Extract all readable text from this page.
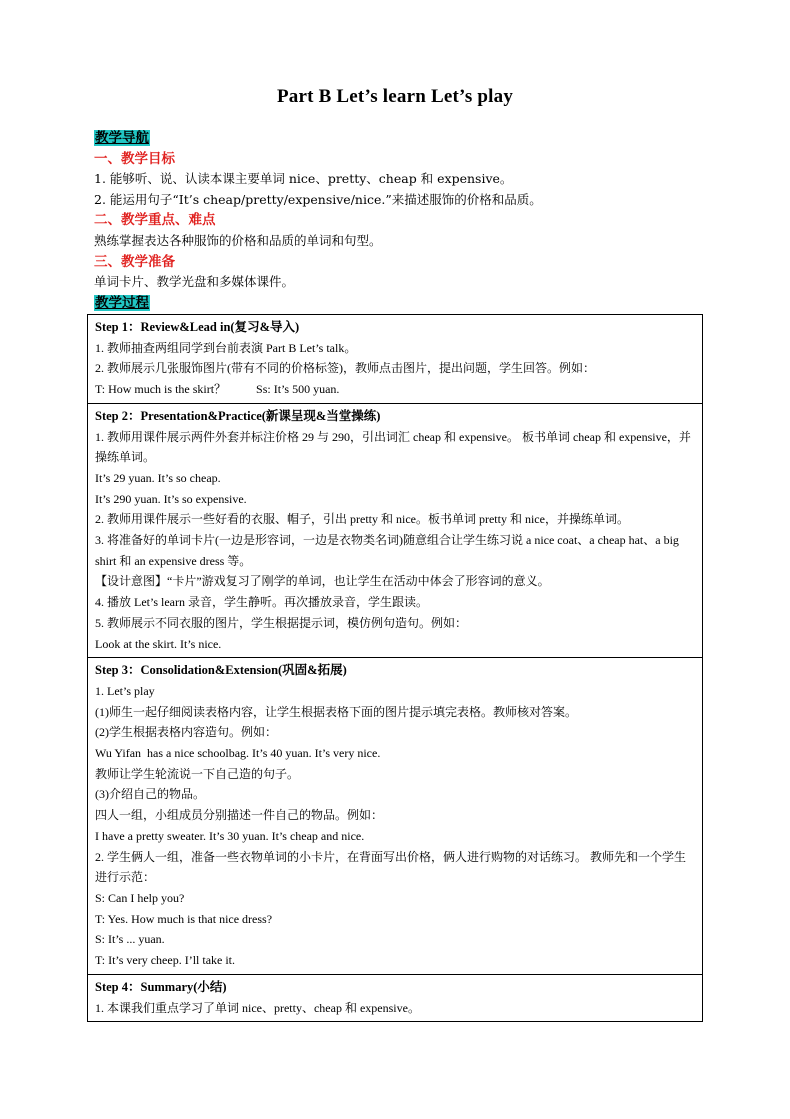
Part B Let’s learn Let’s play
教学导航
一、教学目标
1. 能够听、说、认读本课主要单词 nice、pretty、cheap 和 expensive。
2. 能运用句子“It’s cheap/pretty/expensive/nice.”来描述服饰的价格和品质。
二、教学重点、难点
熟练掌握表达各种服饰的价格和品质的单词和句型。
三、教学准备
单词卡片、教学光盘和多媒体课件。
教学过程
Step 1：Review&Lead in(复习&导入)
1. 教师抽查两组同学到台前表演 Part B Let’s talk。
2. 教师展示几张服饰图片(带有不同的价格标签)，教师点击图片，提出问题，学生回答。例如：
T: How much is the skirt？          Ss: It’s 500 yuan.

Step 2：Presentation&Practice(新课呈现&当堂操练)
1. 教师用课件展示两件外套并标注价格 29 与 290，引出词汇 cheap 和 expensive。 板书单词 cheap 和 expensive，并操练单词。
It’s 29 yuan. It’s so cheap.
It’s 290 yuan. It’s so expensive.
2. 教师用课件展示一些好看的衣服、帽子，引出 pretty 和 nice。板书单词 pretty 和 nice，并操练单词。
3. 将准备好的单词卡片(一边是形容词，一边是衣物类名词)随意组合让学生练习说 a nice coat、a cheap hat、a big shirt 和 an expensive dress 等。
【设计意图】“卡片”游戏复习了刚学的单词，也让学生在活动中体会了形容词的意义。
4. 播放 Let’s learn 录音，学生静听。再次播放录音，学生跟读。
5. 教师展示不同衣服的图片，学生根据提示词，模仿例句造句。例如：
Look at the skirt. It’s nice.

Step 3：Consolidation&Extension(巩固&拓展)
1. Let’s play
(1)师生一起仔细阅读表格内容，让学生根据表格下面的图片提示填完表格。教师核对答案。
(2)学生根据表格内容造句。例如：
Wu Yifan  has a nice schoolbag. It’s 40 yuan. It’s very nice.
教师让学生轮流说一下自己造的句子。
(3)介绍自己的物品。
四人一组，小组成员分别描述一件自己的物品。例如：
I have a pretty sweater. It’s 30 yuan. It’s cheap and nice.
2. 学生俩人一组，准备一些衣物单词的小卡片，在背面写出价格，俩人进行购物的对话练习。 教师先和一个学生进行示范：
S: Can I help you?
T: Yes. How much is that nice dress?
S: It’s ... yuan.
T: It’s very cheep. I’ll take it.

Step 4：Summary(小结)
1. 本课我们重点学习了单词 nice、pretty、cheap 和 expensive。
